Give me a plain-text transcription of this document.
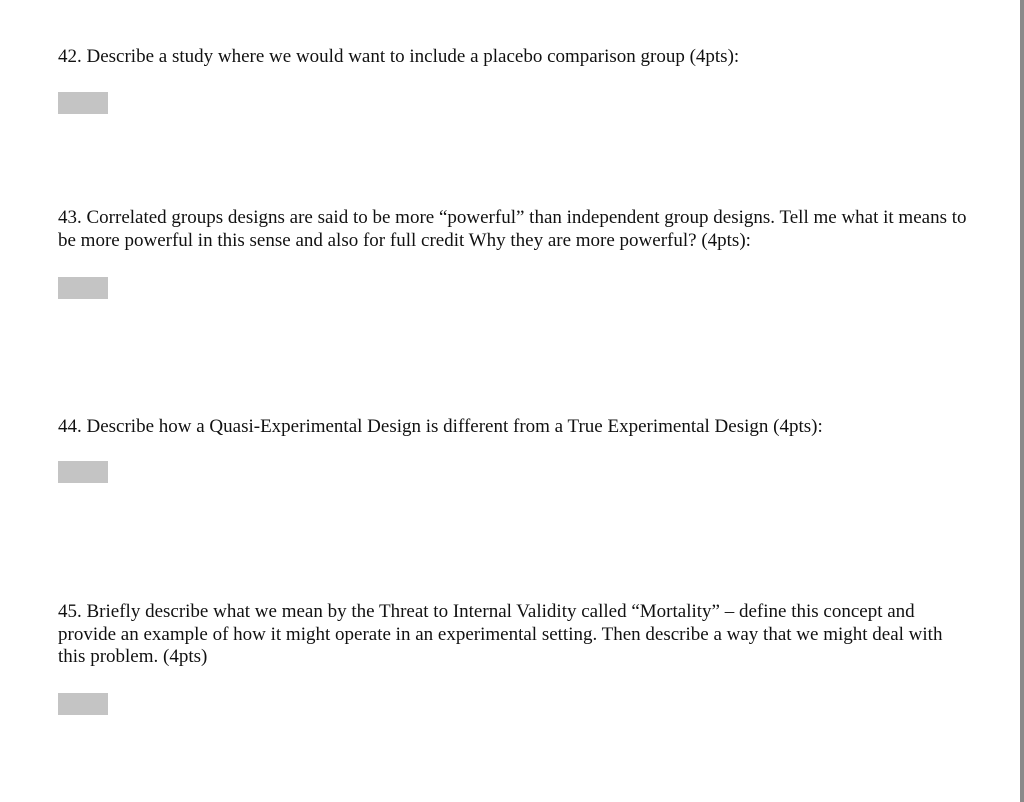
42. Describe a study where we would want to include a placebo comparison group (4pts):
43. Correlated groups designs are said to be more “powerful” than independent group designs. Tell me what it means to be more powerful in this sense and also for full credit Why they are more powerful? (4pts):
44. Describe how a Quasi-Experimental Design is different from a True Experimental Design (4pts):
45. Briefly describe what we mean by the Threat to Internal Validity called “Mortality” – define this concept and provide an example of how it might operate in an experimental setting. Then describe a way that we might deal with this problem. (4pts)
